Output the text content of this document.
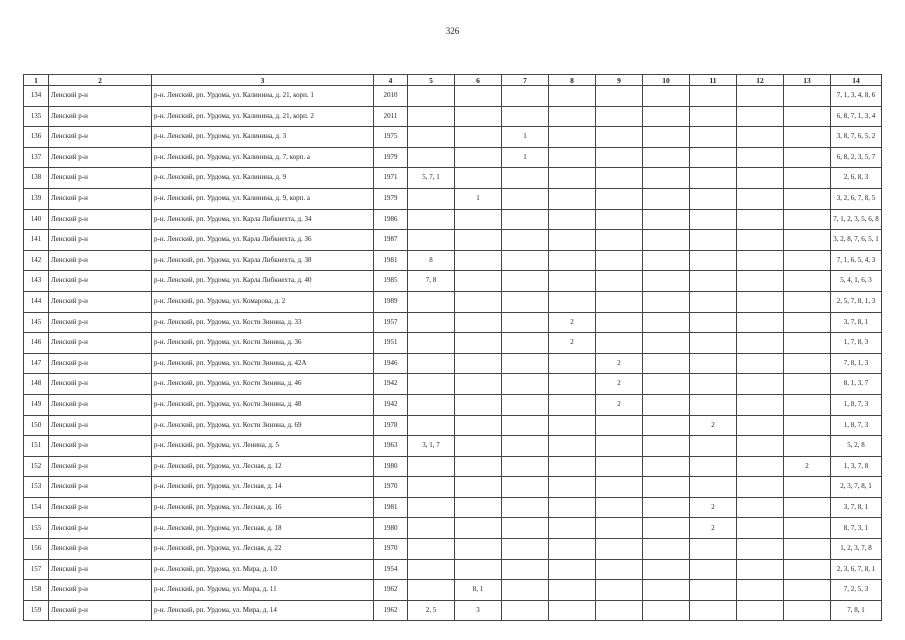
326
1	2	3	4	5	6	7	8	9	10	11	12	13	14
134	Ленский р-н	р-н. Ленский, рп. Урдома, ул. Калинина, д. 21, корп. 1	2010										7, 1, 3, 4, 8, 6
135	Ленский р-н	р-н. Ленский, рп. Урдома, ул. Калинина, д. 21, корп. 2	2011										6, 8, 7, 1, 3, 4
136	Ленский р-н	р-н. Ленский, рп. Урдома, ул. Калинина, д. 3	1975			1							3, 8, 7, 6, 5, 2
137	Ленский р-н	р-н. Ленский, рп. Урдома, ул. Калинина, д. 7, корп. а	1979			1							6, 8, 2, 3, 5, 7
138	Ленский р-н	р-н. Ленский, рп. Урдома, ул. Калинина, д. 9	1971	5, 7, 1									2, 6, 8, 3
139	Ленский р-н	р-н. Ленский, рп. Урдома, ул. Калинина, д. 9, корп. а	1979		1								3, 2, 6, 7, 8, 5
140	Ленский р-н	р-н. Ленский, рп. Урдома, ул. Карла Либкнехта, д. 34	1986										7, 1, 2, 3, 5, 6, 8
141	Ленский р-н	р-н. Ленский, рп. Урдома, ул. Карла Либкнехта, д. 36	1987										3, 2, 8, 7, 6, 5, 1
142	Ленский р-н	р-н. Ленский, рп. Урдома, ул. Карла Либкнехта, д. 38	1981	8									7, 1, 6, 5, 4, 3
143	Ленский р-н	р-н. Ленский, рп. Урдома, ул. Карла Либкнехта, д. 40	1985	7, 8									5, 4, 1, 6, 3
144	Ленский р-н	р-н. Ленский, рп. Урдома, ул. Комарова, д. 2	1989										2, 5, 7, 8, 1, 3
145	Ленский р-н	р-н. Ленский, рп. Урдома, ул. Кости Зинина, д. 33	1957				2						3, 7, 8, 1
146	Ленский р-н	р-н. Ленский, рп. Урдома, ул. Кости Зинина, д. 36	1951				2						1, 7, 8, 3
147	Ленский р-н	р-н. Ленский, рп. Урдома, ул. Кости Зинина, д. 42А	1946					2					7, 8, 1, 3
148	Ленский р-н	р-н. Ленский, рп. Урдома, ул. Кости Зинина, д. 46	1942					2					8, 1, 3, 7
149	Ленский р-н	р-н. Ленский, рп. Урдома, ул. Кости Зинина, д. 48	1942					2					1, 8, 7, 3
150	Ленский р-н	р-н. Ленский, рп. Урдома, ул. Кости Зинина, д. 69	1978							2			1, 8, 7, 3
151	Ленский р-н	р-н. Ленский, рп. Урдома, ул. Ленина, д. 5	1963	3, 1, 7									5, 2, 8
152	Ленский р-н	р-н. Ленский, рп. Урдома, ул. Лесная, д. 12	1980									2	1, 3, 7, 8
153	Ленский р-н	р-н. Ленский, рп. Урдома, ул. Лесная, д. 14	1970										2, 3, 7, 8, 1
154	Ленский р-н	р-н. Ленский, рп. Урдома, ул. Лесная, д. 16	1981							2			3, 7, 8, 1
155	Ленский р-н	р-н. Ленский, рп. Урдома, ул. Лесная, д. 18	1980							2			8, 7, 3, 1
156	Ленский р-н	р-н. Ленский, рп. Урдома, ул. Лесная, д. 22	1970										1, 2, 3, 7, 8
157	Ленский р-н	р-н. Ленский, рп. Урдома, ул. Мира, д. 10	1954										2, 3, 6, 7, 8, 1
158	Ленский р-н	р-н. Ленский, рп. Урдома, ул. Мира, д. 11	1962		8, 1								7, 2, 5, 3
159	Ленский р-н	р-н. Ленский, рп. Урдома, ул. Мира, д. 14	1962	2, 5	3								7, 8, 1
